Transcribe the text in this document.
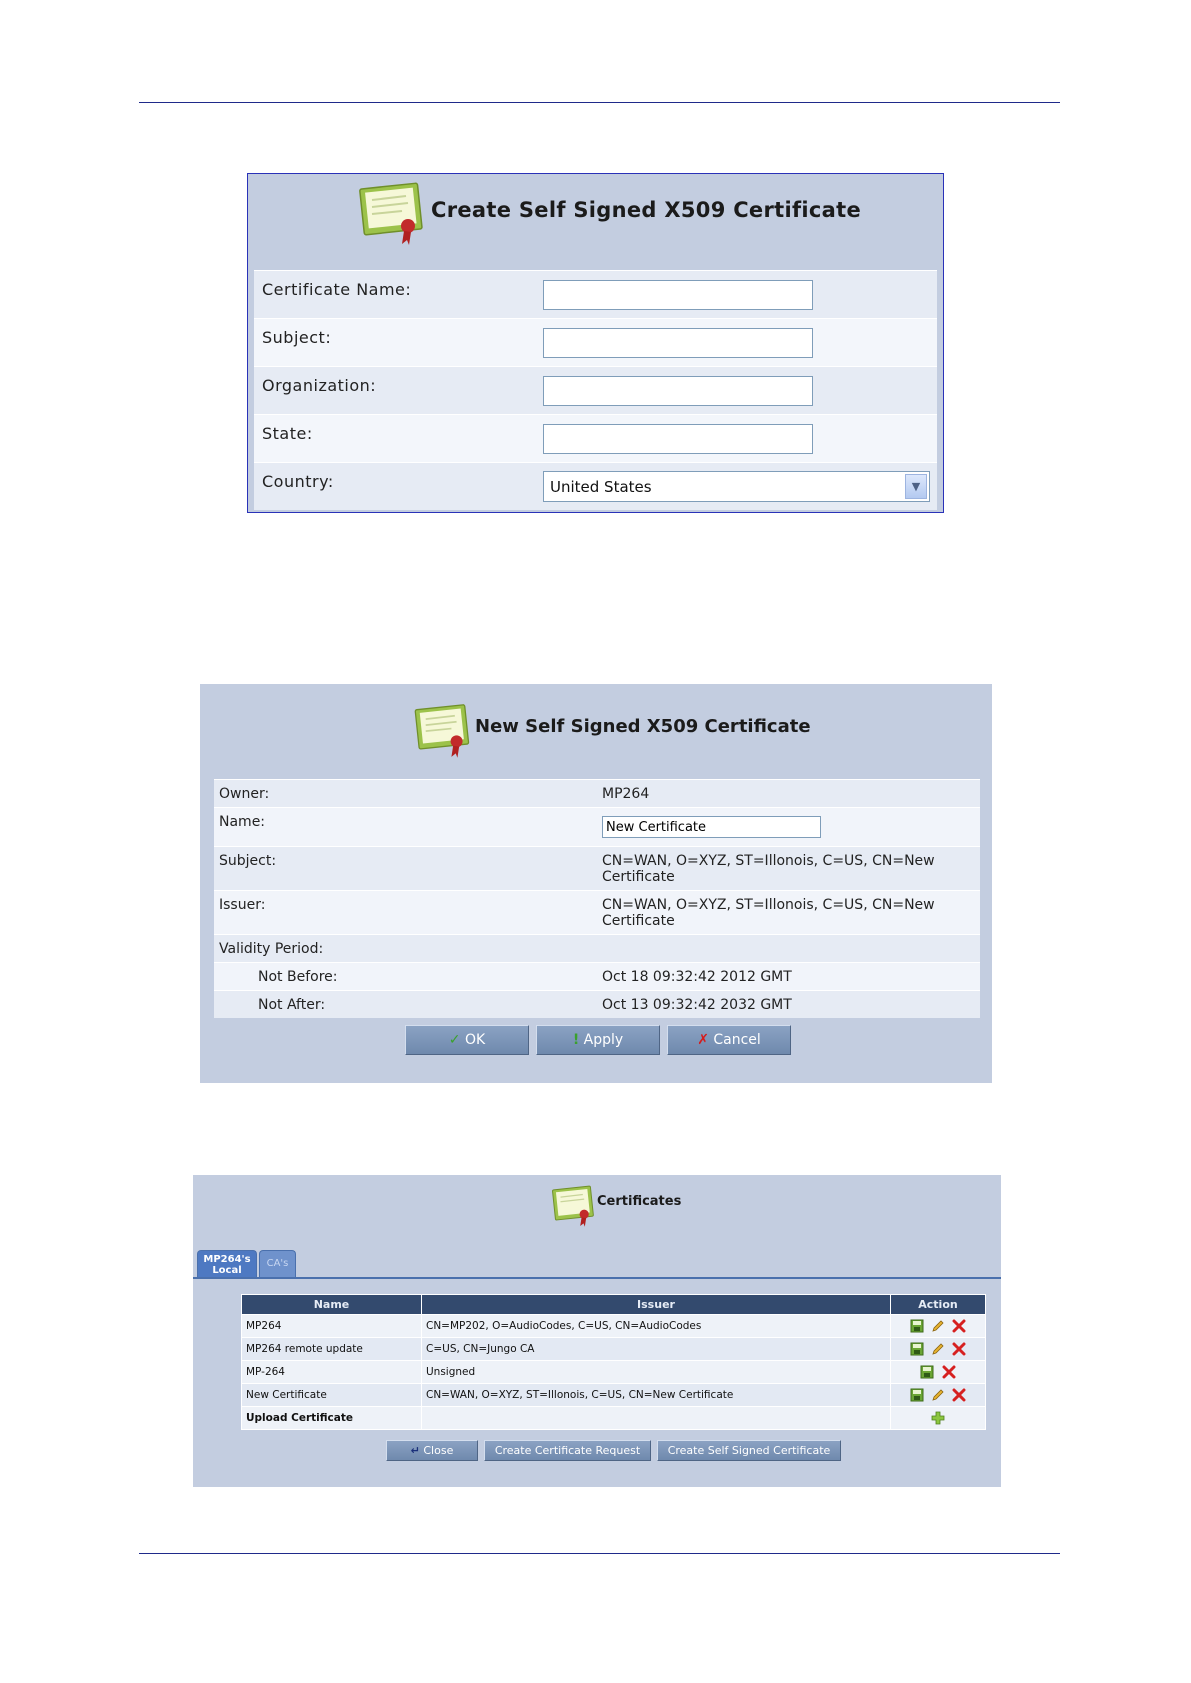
Create Self Signed X509 Certificate
Certificate Name:
Subject:
Organization:
State:
Country:	United States	▼
New Self Signed X509 Certificate
Owner:	MP264
Name:
New Certificate
Subject:	CN=WAN, O=XYZ, ST=Illonois, C=US, CN=New Certificate
Issuer:	CN=WAN, O=XYZ, ST=Illonois, C=US, CN=New Certificate
Validity Period:
Not Before:	Oct 18 09:32:42 2012 GMT
Not After:	Oct 13 09:32:42 2032 GMT
✓ OK	! Apply	✗ Cancel
Certificates
MP264's Local
CA's
Name	Issuer	Action
MP264	CN=MP202, O=AudioCodes, C=US, CN=AudioCodes	
MP264 remote update	C=US, CN=Jungo CA	
MP-264	Unsigned	
New Certificate	CN=WAN, O=XYZ, ST=Illonois, C=US, CN=New Certificate	
Upload Certificate		
↵ Close	Create Certificate Request	Create Self Signed Certificate
